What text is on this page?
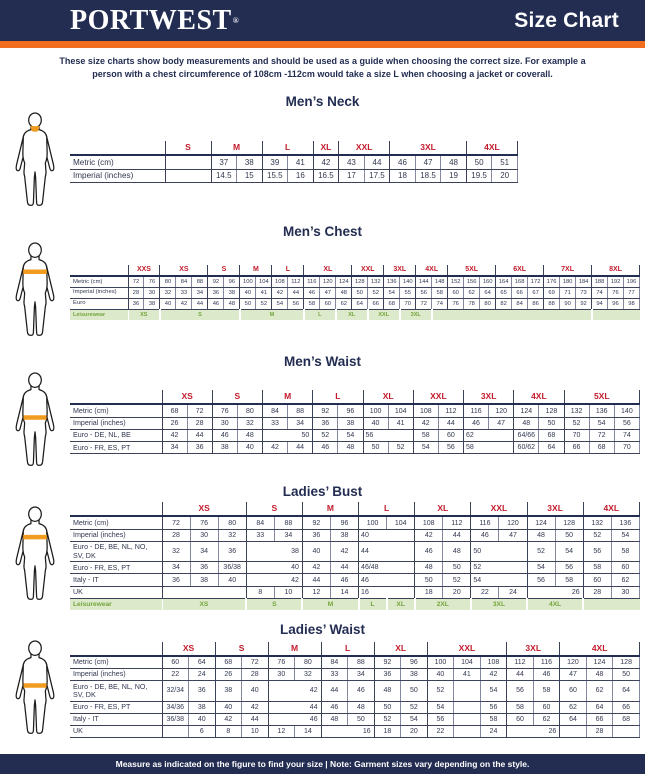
PORTWEST®	Size Chart

These size charts show body measurements and should be used as a guide when choosing the correct size. For example a person with a chest circumference of 108cm -112cm would take a size L when choosing a jacket or coverall.

Men’s Neck
	S	M		L		XL	XXL		3XL			4XL	
Metric (cm)		37	38	39	41	42	43	44	46	47	48	50	51
Imperial (inches)		14.5	15	15.5	16	16.5	17	17.5	18	18.5	19	19.5	20
Men’s Chest
	XXS		XS			S		M		L		XL			XXL		3XL		4XL		5XL			6XL			7XL			8XL		
Metric (cm)	72	76	80	84	88	92	96	100	104	108	112	116	120	124	128	132	136	140	144	148	152	156	160	164	168	172	176	180	184	188	192	196
Imperial (inches)	28	30	32	33	34	36	38	40	41	42	44	46	47	48	50	52	54	55	56	58	60	62	64	65	66	67	69	71	73	74	76	77
Euro	36	38	40	42	44	46	48	50	52	54	56	58	60	62	64	66	68	70	72	74	76	78	80	82	84	86	88	90	92	94	96	98
Leisurewear	XS		S					M				L		XL		XXL		3XL														
Men’s Waist
	XS		S		M		L		XL		XXL		3XL		4XL		5XL		
Metric (cm)	68	72	76	80	84	88	92	96	100	104	108	112	116	120	124	128	132	136	140
Imperial (inches)	26	28	30	32	33	34	36	38	40	41	42	44	46	47	48	50	52	54	56
Euro - DE, NL, BE	42	44	46	48	50		52	54	56		58	60	62		64/66	68	70	72	74
Euro - FR, ES, PT	34	36	38	40	42	44	46	48	50	52	54	56	58		60/62	64	66	68	70
Ladies’ Bust
	XS			S		M		L		XL		XXL		3XL		4XL	
Metric (cm)	72	76	80	84	88	92	96	100	104	108	112	116	120	124	128	132	136
Imperial (inches)	28	30	32	33	34	36	38	40		42	44	46	47	48	50	52	54
Euro - DE, BE, NL, NO, SV, DK	32	34	36	38		40	42	44		46	48	50		52	54	56	58
Euro - FR, ES, PT	34	36	36/38	40		42	44	46/48		48	50	52		54	56	58	60
Italy - IT	36	38	40	42		44	46	46		50	52	54		56	58	60	62
UK				8	10	12	14	16		18	20	22	24	26		28	30
Leisurewear	XS			S		M		L	XL	2XL		3XL		4XL			
Ladies’ Waist
	XS		S		M		L		XL		XXL			3XL		4XL		
Metric (cm)	60	64	68	72	76	80	84	88	92	96	100	104	108	112	116	120	124	128
Imperial (inches)	22	24	26	28	30	32	33	34	36	38	40	41	42	44	46	47	48	50
Euro - DE, BE, NL, NO, SV, DK	32/34	36	38	40	42		44	46	48	50	52		54	56	58	60	62	64
Euro - FR, ES, PT	34/36	38	40	42	44		46	48	50	52	54		56	58	60	62	64	66
Italy - IT	36/38	40	42	44	46		48	50	52	54	56		58	60	62	64	66	68
UK		6	8	10	12	14	16		18	20	22		24	26			28	
Measure as indicated on the figure to find your size | Note: Garment sizes vary depending on the style.
